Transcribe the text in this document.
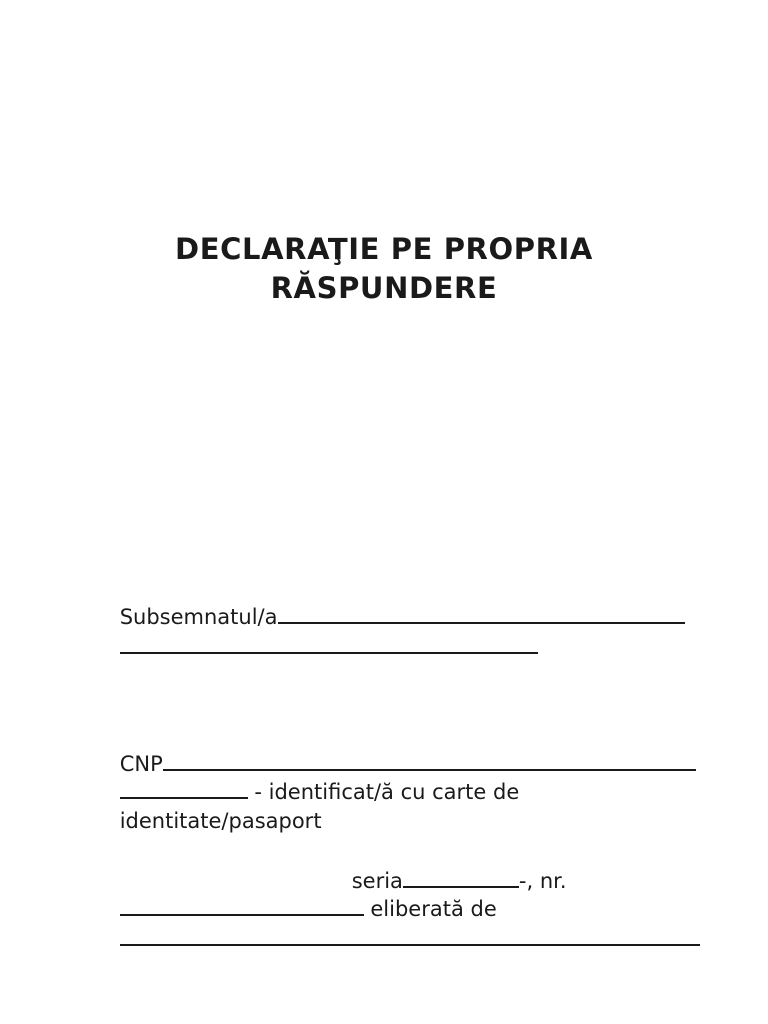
DECLARAŢIE PE PROPRIA
RĂSPUNDERE

Subsemnatul/a

CNP

- identificat/ă cu carte de

identitate/pasaport

seria	-, nr.

eliberată de
